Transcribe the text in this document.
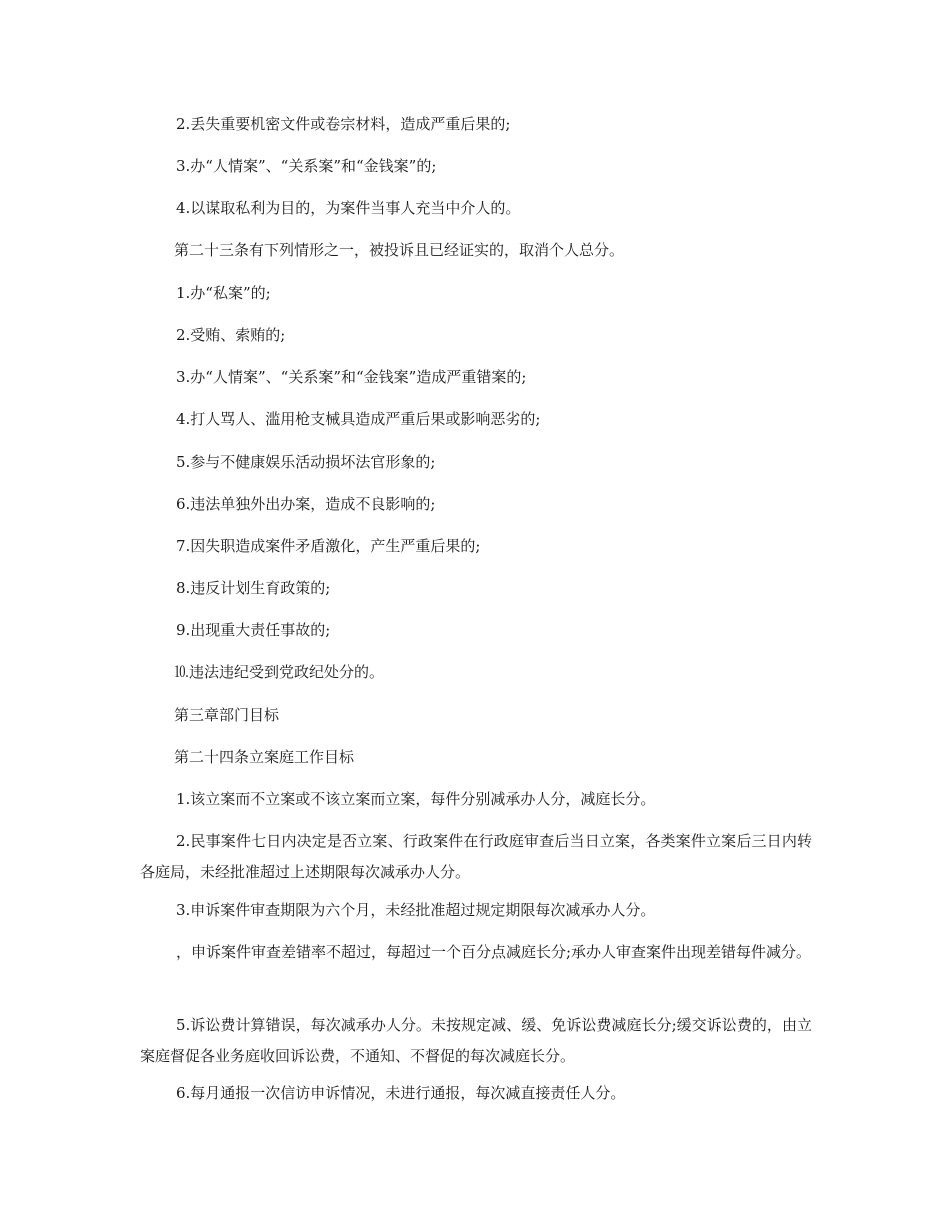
2.丢失重要机密文件或卷宗材料，造成严重后果的;
3.办“人情案”、“关系案”和“金钱案”的;
4.以谋取私利为目的，为案件当事人充当中介人的。
第二十三条有下列情形之一，被投诉且已经证实的，取消个人总分。
1.办“私案”的;
2.受贿、索贿的;
3.办“人情案”、“关系案”和“金钱案”造成严重错案的;
4.打人骂人、滥用枪支械具造成严重后果或影响恶劣的;
5.参与不健康娱乐活动损坏法官形象的;
6.违法单独外出办案，造成不良影响的;
7.因失职造成案件矛盾激化，产生严重后果的;
8.违反计划生育政策的;
9.出现重大责任事故的;
⒑违法违纪受到党政纪处分的。
第三章部门目标
第二十四条立案庭工作目标
1.该立案而不立案或不该立案而立案，每件分别减承办人分，减庭长分。
2.民事案件七日内决定是否立案、行政案件在行政庭审查后当日立案，各类案件立案后三日内转各庭局，未经批准超过上述期限每次减承办人分。
3.申诉案件审查期限为六个月，未经批准超过规定期限每次减承办人分。
，申诉案件审查差错率不超过，每超过一个百分点减庭长分;承办人审查案件出现差错每件减分。
5.诉讼费计算错误，每次减承办人分。未按规定减、缓、免诉讼费减庭长分;缓交诉讼费的，由立案庭督促各业务庭收回诉讼费，不通知、不督促的每次减庭长分。
6.每月通报一次信访申诉情况，未进行通报，每次减直接责任人分。
